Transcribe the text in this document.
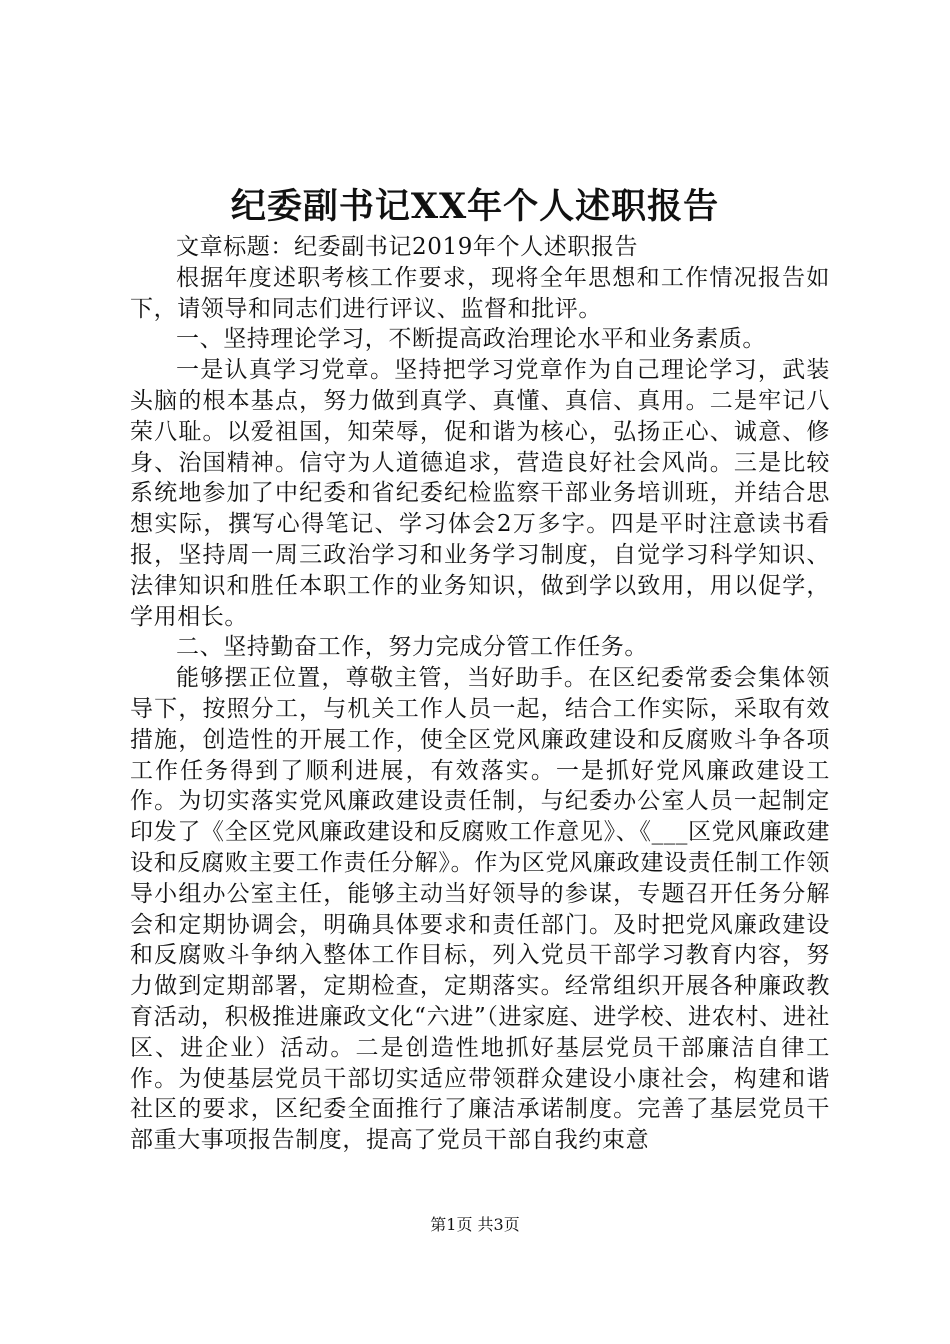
纪委副书记XX年个人述职报告

文章标题：纪委副书记2019年个人述职报告

根据年度述职考核工作要求，现将全年思想和工作情况报告如下，请领导和同志们进行评议、监督和批评。

一、坚持理论学习，不断提高政治理论水平和业务素质。

一是认真学习党章。坚持把学习党章作为自己理论学习，武装头脑的根本基点，努力做到真学、真懂、真信、真用。二是牢记八荣八耻。以爱祖国，知荣辱，促和谐为核心，弘扬正心、诚意、修身、治国精神。信守为人道德追求，营造良好社会风尚。三是比较系统地参加了中纪委和省纪委纪检监察干部业务培训班，并结合思想实际，撰写心得笔记、学习体会2万多字。四是平时注意读书看报，坚持周一周三政治学习和业务学习制度，自觉学习科学知识、法律知识和胜任本职工作的业务知识，做到学以致用，用以促学，学用相长。

二、坚持勤奋工作，努力完成分管工作任务。

能够摆正位置，尊敬主管，当好助手。在区纪委常委会集体领导下，按照分工，与机关工作人员一起，结合工作实际，采取有效措施，创造性的开展工作，使全区党风廉政建设和反腐败斗争各项工作任务得到了顺利进展，有效落实。一是抓好党风廉政建设工作。为切实落实党风廉政建设责任制，与纪委办公室人员一起制定印发了《全区党风廉政建设和反腐败工作意见》、《___区党风廉政建设和反腐败主要工作责任分解》。作为区党风廉政建设责任制工作领导小组办公室主任，能够主动当好领导的参谋，专题召开任务分解会和定期协调会，明确具体要求和责任部门。及时把党风廉政建设和反腐败斗争纳入整体工作目标，列入党员干部学习教育内容，努力做到定期部署，定期检查，定期落实。经常组织开展各种廉政教育活动，积极推进廉政文化“六进”（进家庭、进学校、进农村、进社区、进企业）活动。二是创造性地抓好基层党员干部廉洁自律工作。为使基层党员干部切实适应带领群众建设小康社会，构建和谐社区的要求，区纪委全面推行了廉洁承诺制度。完善了基层党员干部重大事项报告制度，提高了党员干部自我约束意

第1页 共3页
